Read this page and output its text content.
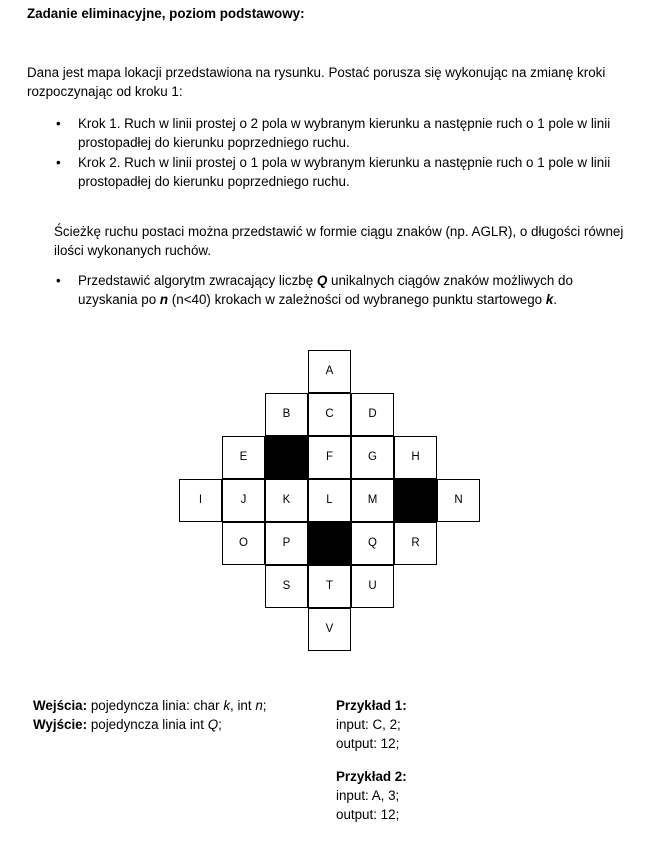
Zadanie eliminacyjne, poziom podstawowy:
Dana jest mapa lokacji przedstawiona na rysunku. Postać porusza się wykonując na zmianę kroki rozpoczynając od kroku 1:
• Krok 1. Ruch w linii prostej o 2 pola w wybranym kierunku a następnie ruch o 1 pole w linii prostopadłej do kierunku poprzedniego ruchu.
• Krok 2. Ruch w linii prostej o 1 pola w wybranym kierunku a następnie ruch o 1 pole w linii prostopadłej do kierunku poprzedniego ruchu.
Ścieżkę ruchu postaci można przedstawić w formie ciągu znaków (np. AGLR), o długości równej ilości wykonanych ruchów.
• Przedstawić algorytm zwracający liczbę Q unikalnych ciągów znaków możliwych do uzyskania po n (n<40) krokach w zależności od wybranego punktu startowego k.
A
B	C	D
E	F	G	H
I	J	K	L	M	N
O	P	Q	R
S	T	U
V
Wejścia: pojedyncza linia: char k, int n;
Wyjście: pojedyncza linia int Q;
Przykład 1:
input: C, 2;
output: 12;
Przykład 2:
input: A, 3;
output: 12;
